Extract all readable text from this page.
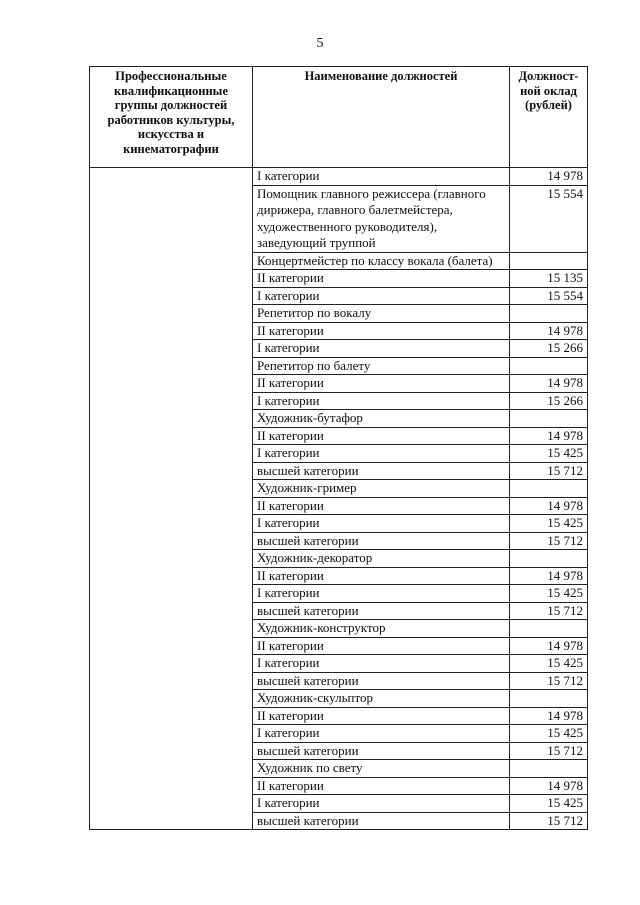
5
Профессиональные квалификационные группы должностей работников культуры, искусства и кинематографии	Наименование должностей	Должност-ной оклад (рублей)
	I категории	14 978
	Помощник главного режиссера (главного дирижера, главного балетмейстера, художественного руководителя), заведующий труппой	15 554
	Концертмейстер по классу вокала (балета)	
	II категории	15 135
	I категории	15 554
	Репетитор по вокалу	
	II категории	14 978
	I категории	15 266
	Репетитор по балету	
	II категории	14 978
	I категории	15 266
	Художник-бутафор	
	II категории	14 978
	I категории	15 425
	высшей категории	15 712
	Художник-гример	
	II категории	14 978
	I категории	15 425
	высшей категории	15 712
	Художник-декоратор	
	II категории	14 978
	I категории	15 425
	высшей категории	15 712
	Художник-конструктор	
	II категории	14 978
	I категории	15 425
	высшей категории	15 712
	Художник-скульптор	
	II категории	14 978
	I категории	15 425
	высшей категории	15 712
	Художник по свету	
	II категории	14 978
	I категории	15 425
	высшей категории	15 712
